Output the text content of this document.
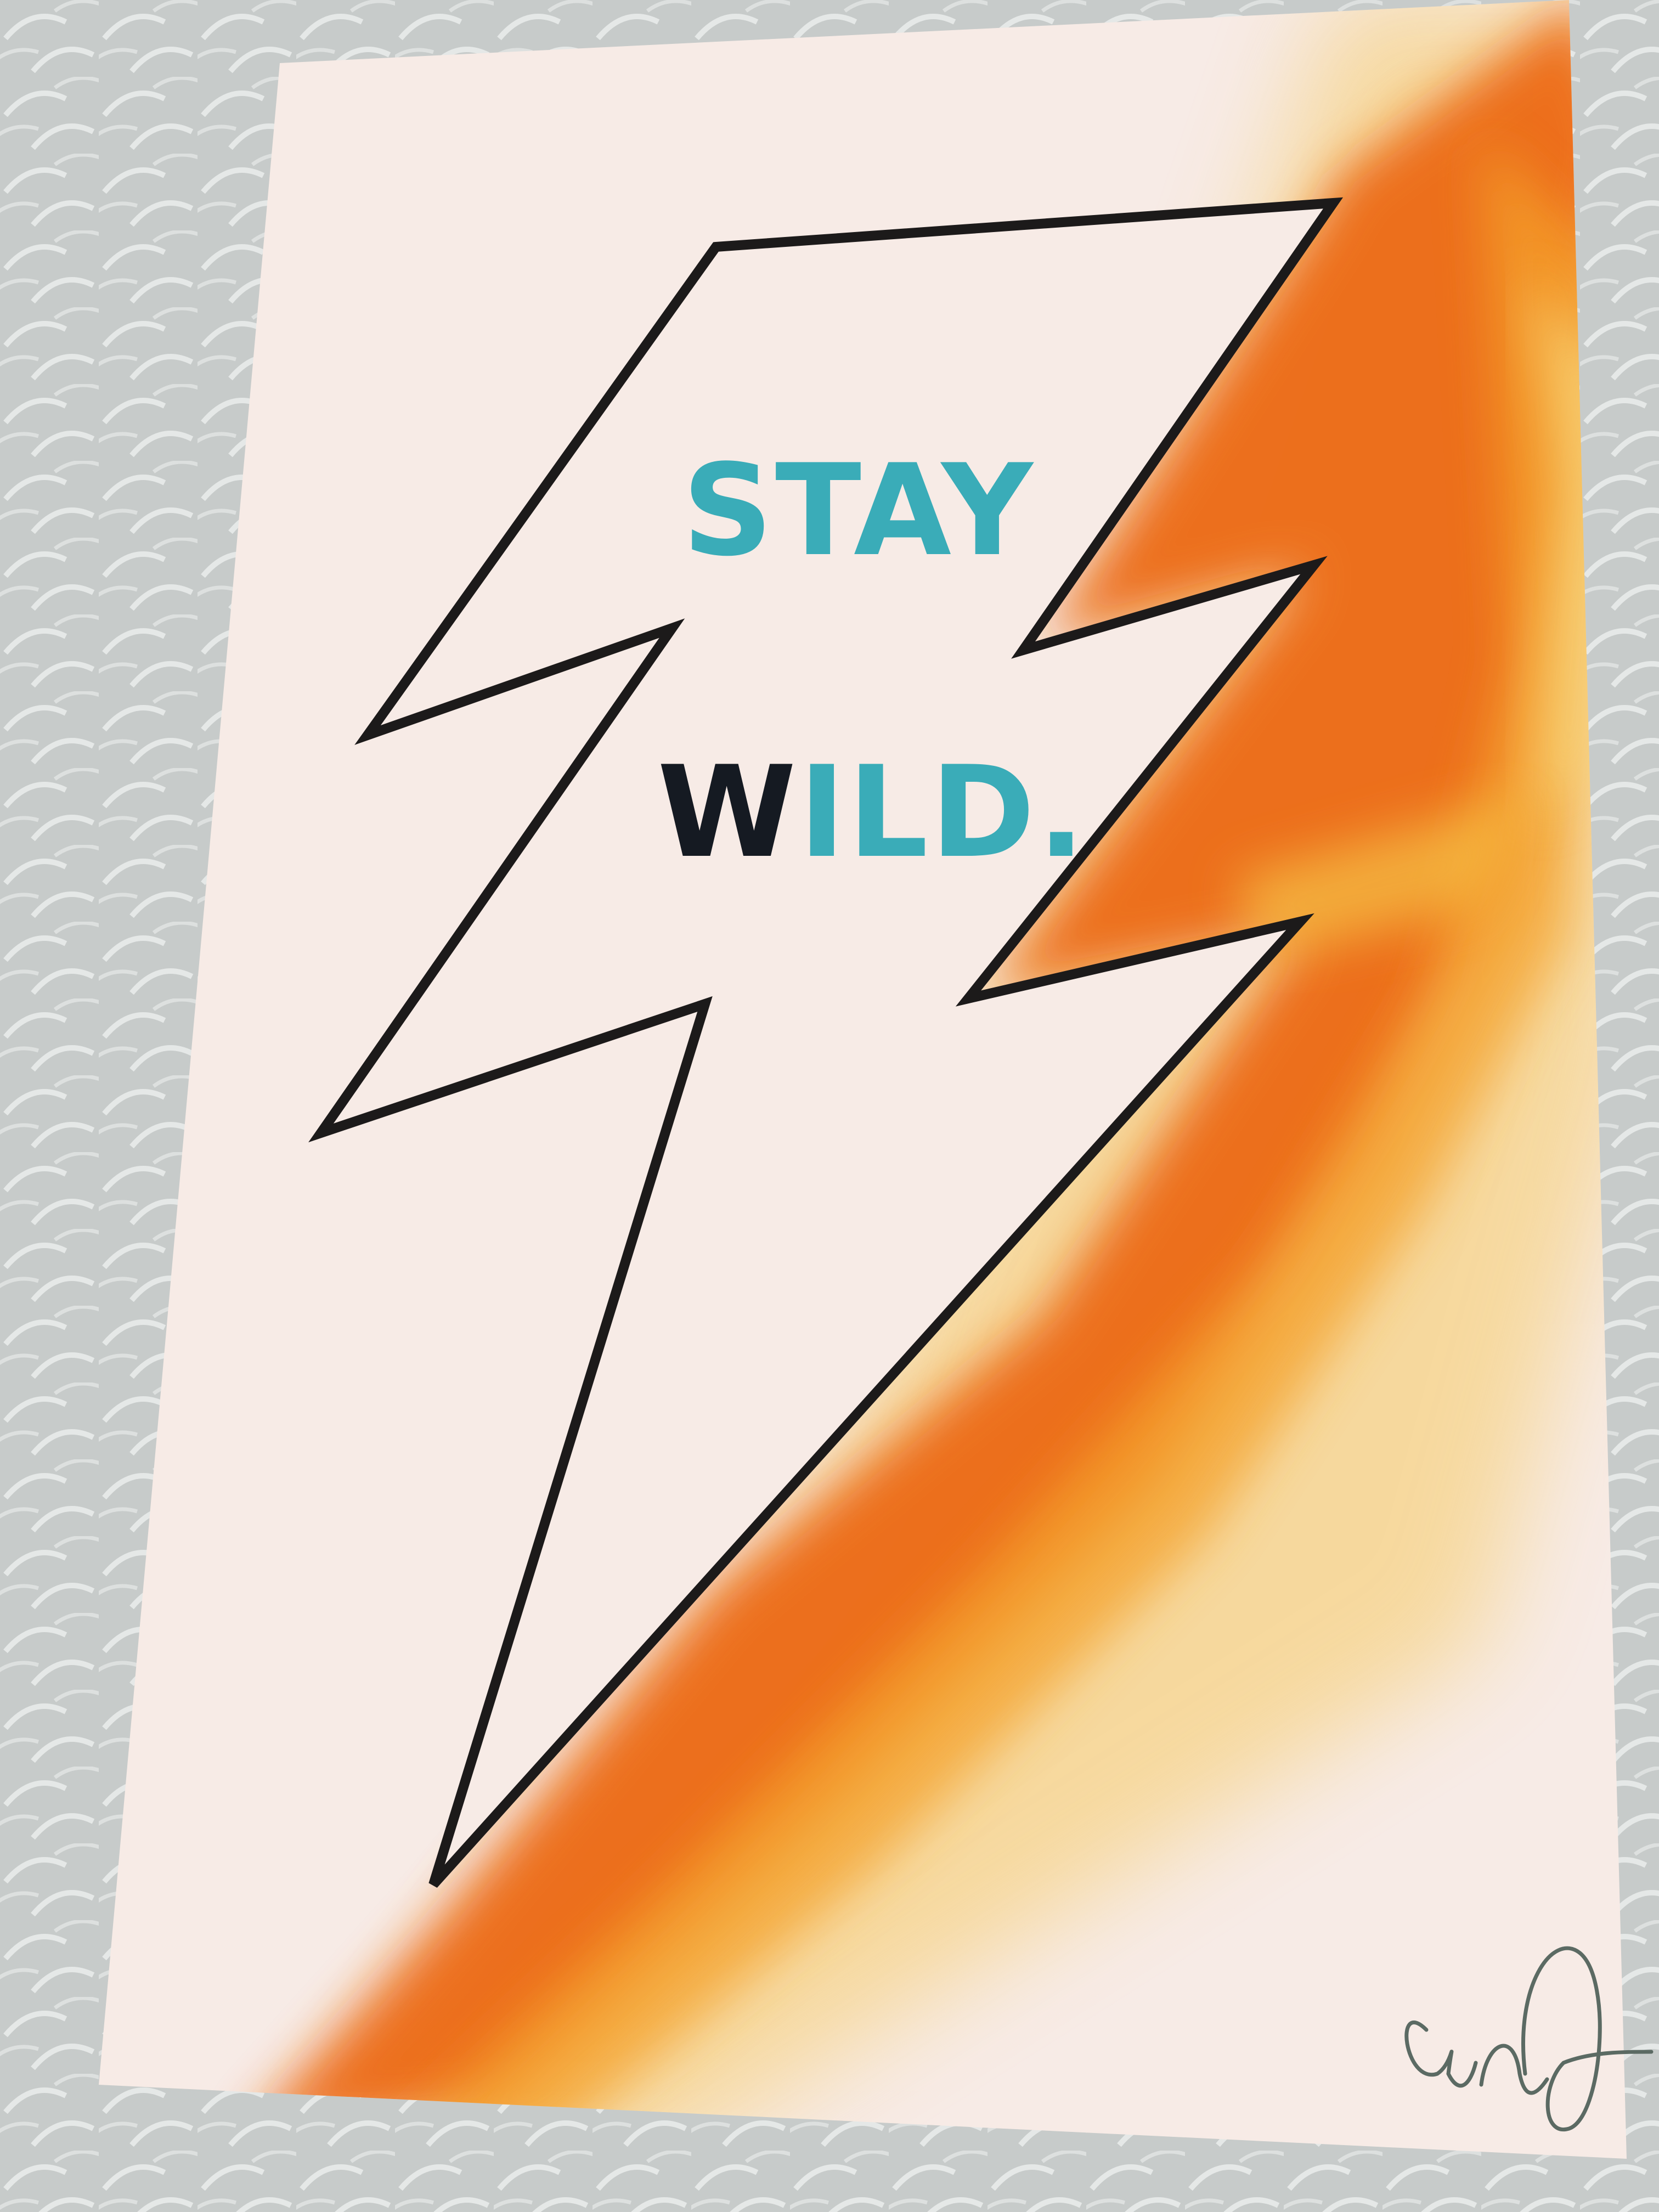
STAY
WILD.
